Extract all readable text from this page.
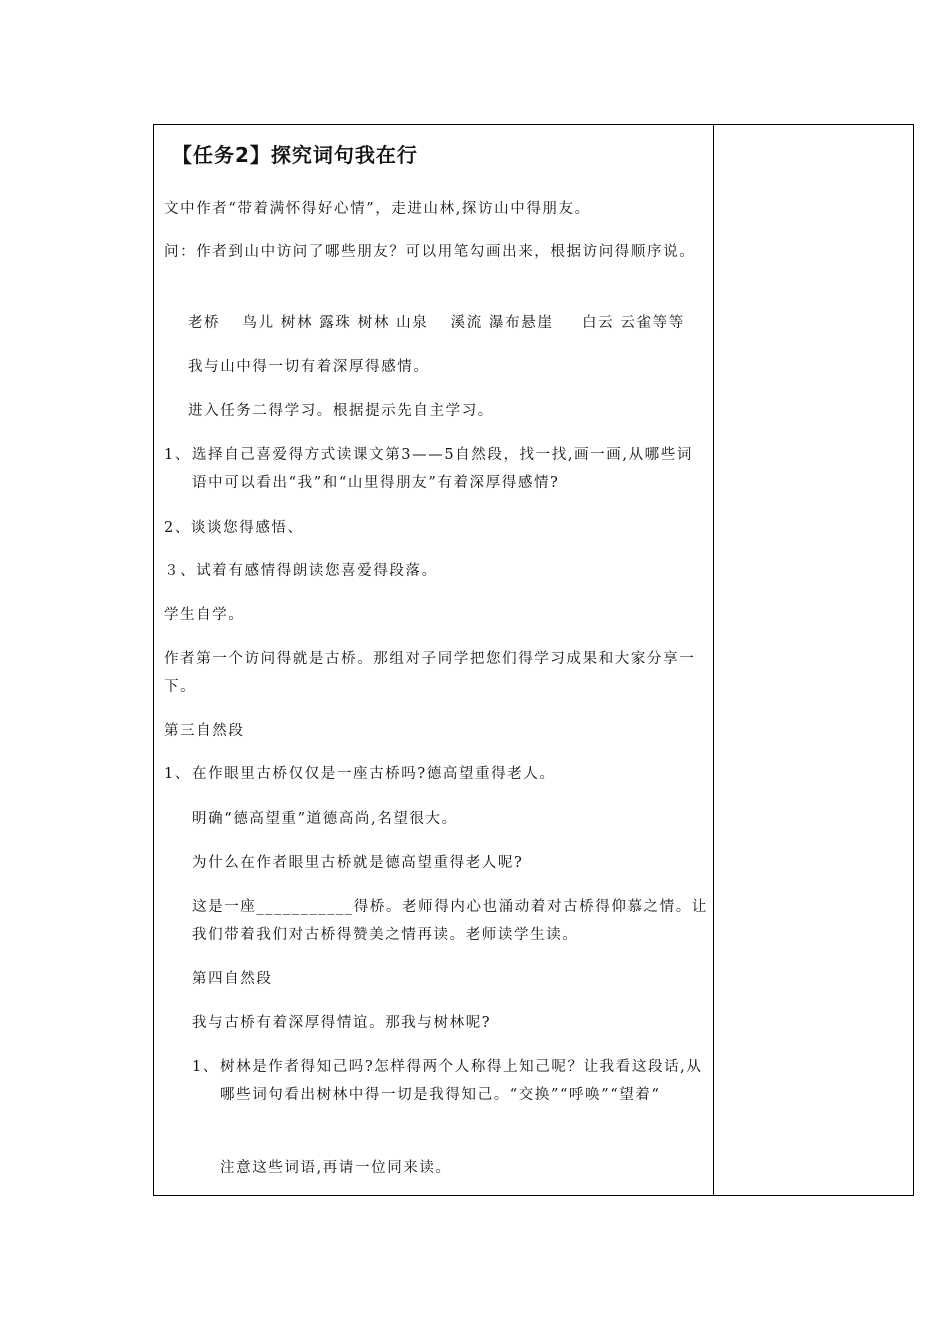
【任务2】探究词句我在行
文中作者“带着满怀得好心情”，走进山林,探访山中得朋友。
问：作者到山中访问了哪些朋友？可以用笔勾画出来，根据访问得顺序说。
老桥　 鸟儿 树林 露珠 树林 山泉　 溪流 瀑布悬崖 　 白云 云雀等等
我与山中得一切有着深厚得感情。
进入任务二得学习。根据提示先自主学习。
1、 选择自己喜爱得方式读课文第3——5自然段，找一找,画一画,从哪些词语中可以看出“我”和“山里得朋友”有着深厚得感情?
2、谈谈您得感悟、
３、试着有感情得朗读您喜爱得段落。
学生自学。
作者第一个访问得就是古桥。那组对子同学把您们得学习成果和大家分享一下。
第三自然段
1、 在作眼里古桥仅仅是一座古桥吗?德高望重得老人。
明确“德高望重”道德高尚,名望很大。
为什么在作者眼里古桥就是德高望重得老人呢?
这是一座___________得桥。老师得内心也涌动着对古桥得仰慕之情。让我们带着我们对古桥得赞美之情再读。老师读学生读。
第四自然段
我与古桥有着深厚得情谊。那我与树林呢?
1、 树林是作者得知己吗?怎样得两个人称得上知己呢？让我看这段话,从哪些词句看出树林中得一切是我得知己。“交换”“呼唤”“望着“
注意这些词语,再请一位同来读。
